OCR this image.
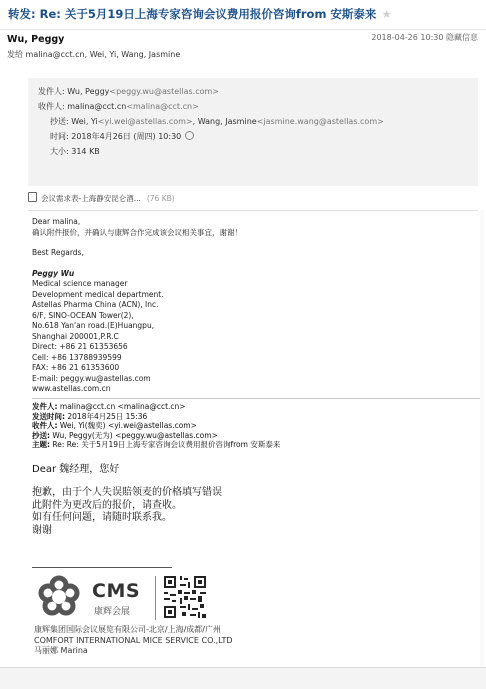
转发: Re: 关于5月19日上海专家咨询会议费用报价咨询from 安斯泰来 ★
Wu, Peggy
发给 malina@cct.cn, Wei, Yi, Wang, Jasmine
2018-04-26 10:30 隐藏信息
发件人: Wu, Peggy<peggy.wu@astellas.com>
收件人: malina@cct.cn<malina@cct.cn>
抄送: Wei, Yi<yi.wei@astellas.com>, Wang, Jasmine<jasmine.wang@astellas.com>
时间: 2018年4月26日 (周四) 10:30
大小: 314 KB
会议需求表-上海静安昆仑酒... (76 KB)
Dear malina,
确认附件报价，并确认与康辉合作完成该会议相关事宜，谢谢！
Best Regards,
Peggy Wu
Medical science manager
Development medical department.
Astellas Pharma China (ACN), Inc.
6/F, SINO-OCEAN Tower(2),
No.618 Yan'an road.(E)Huangpu,
Shanghai 200001,P.R.C
Direct: +86 21 61353656
Cell: +86 13788939599
FAX: +86 21 61353600
E-mail: peggy.wu@astellas.com
www.astellas.com.cn
发件人: malina@cct.cn <malina@cct.cn>
发送时间: 2018年4月25日 15:36
收件人: Wei, Yi(魏奕) <yi.wei@astellas.com>
抄送: Wu, Peggy(无为) <peggy.wu@astellas.com>
主题: Re: Re: 关于5月19日上海专家咨询会议费用报价咨询from 安斯泰来
Dear 魏经理，您好
抱歉，由于个人失误賠领麦的价格填写错误
此附件为更改后的报价，请查收。
如有任何问题，请随时联系我。
谢谢
CMS
康辉会展
康辉集团国际会议展览有限公司-北京/上海/成都/广州
COMFORT INTERNATIONAL MICE SERVICE CO.,LTD
马丽娜 Marina
